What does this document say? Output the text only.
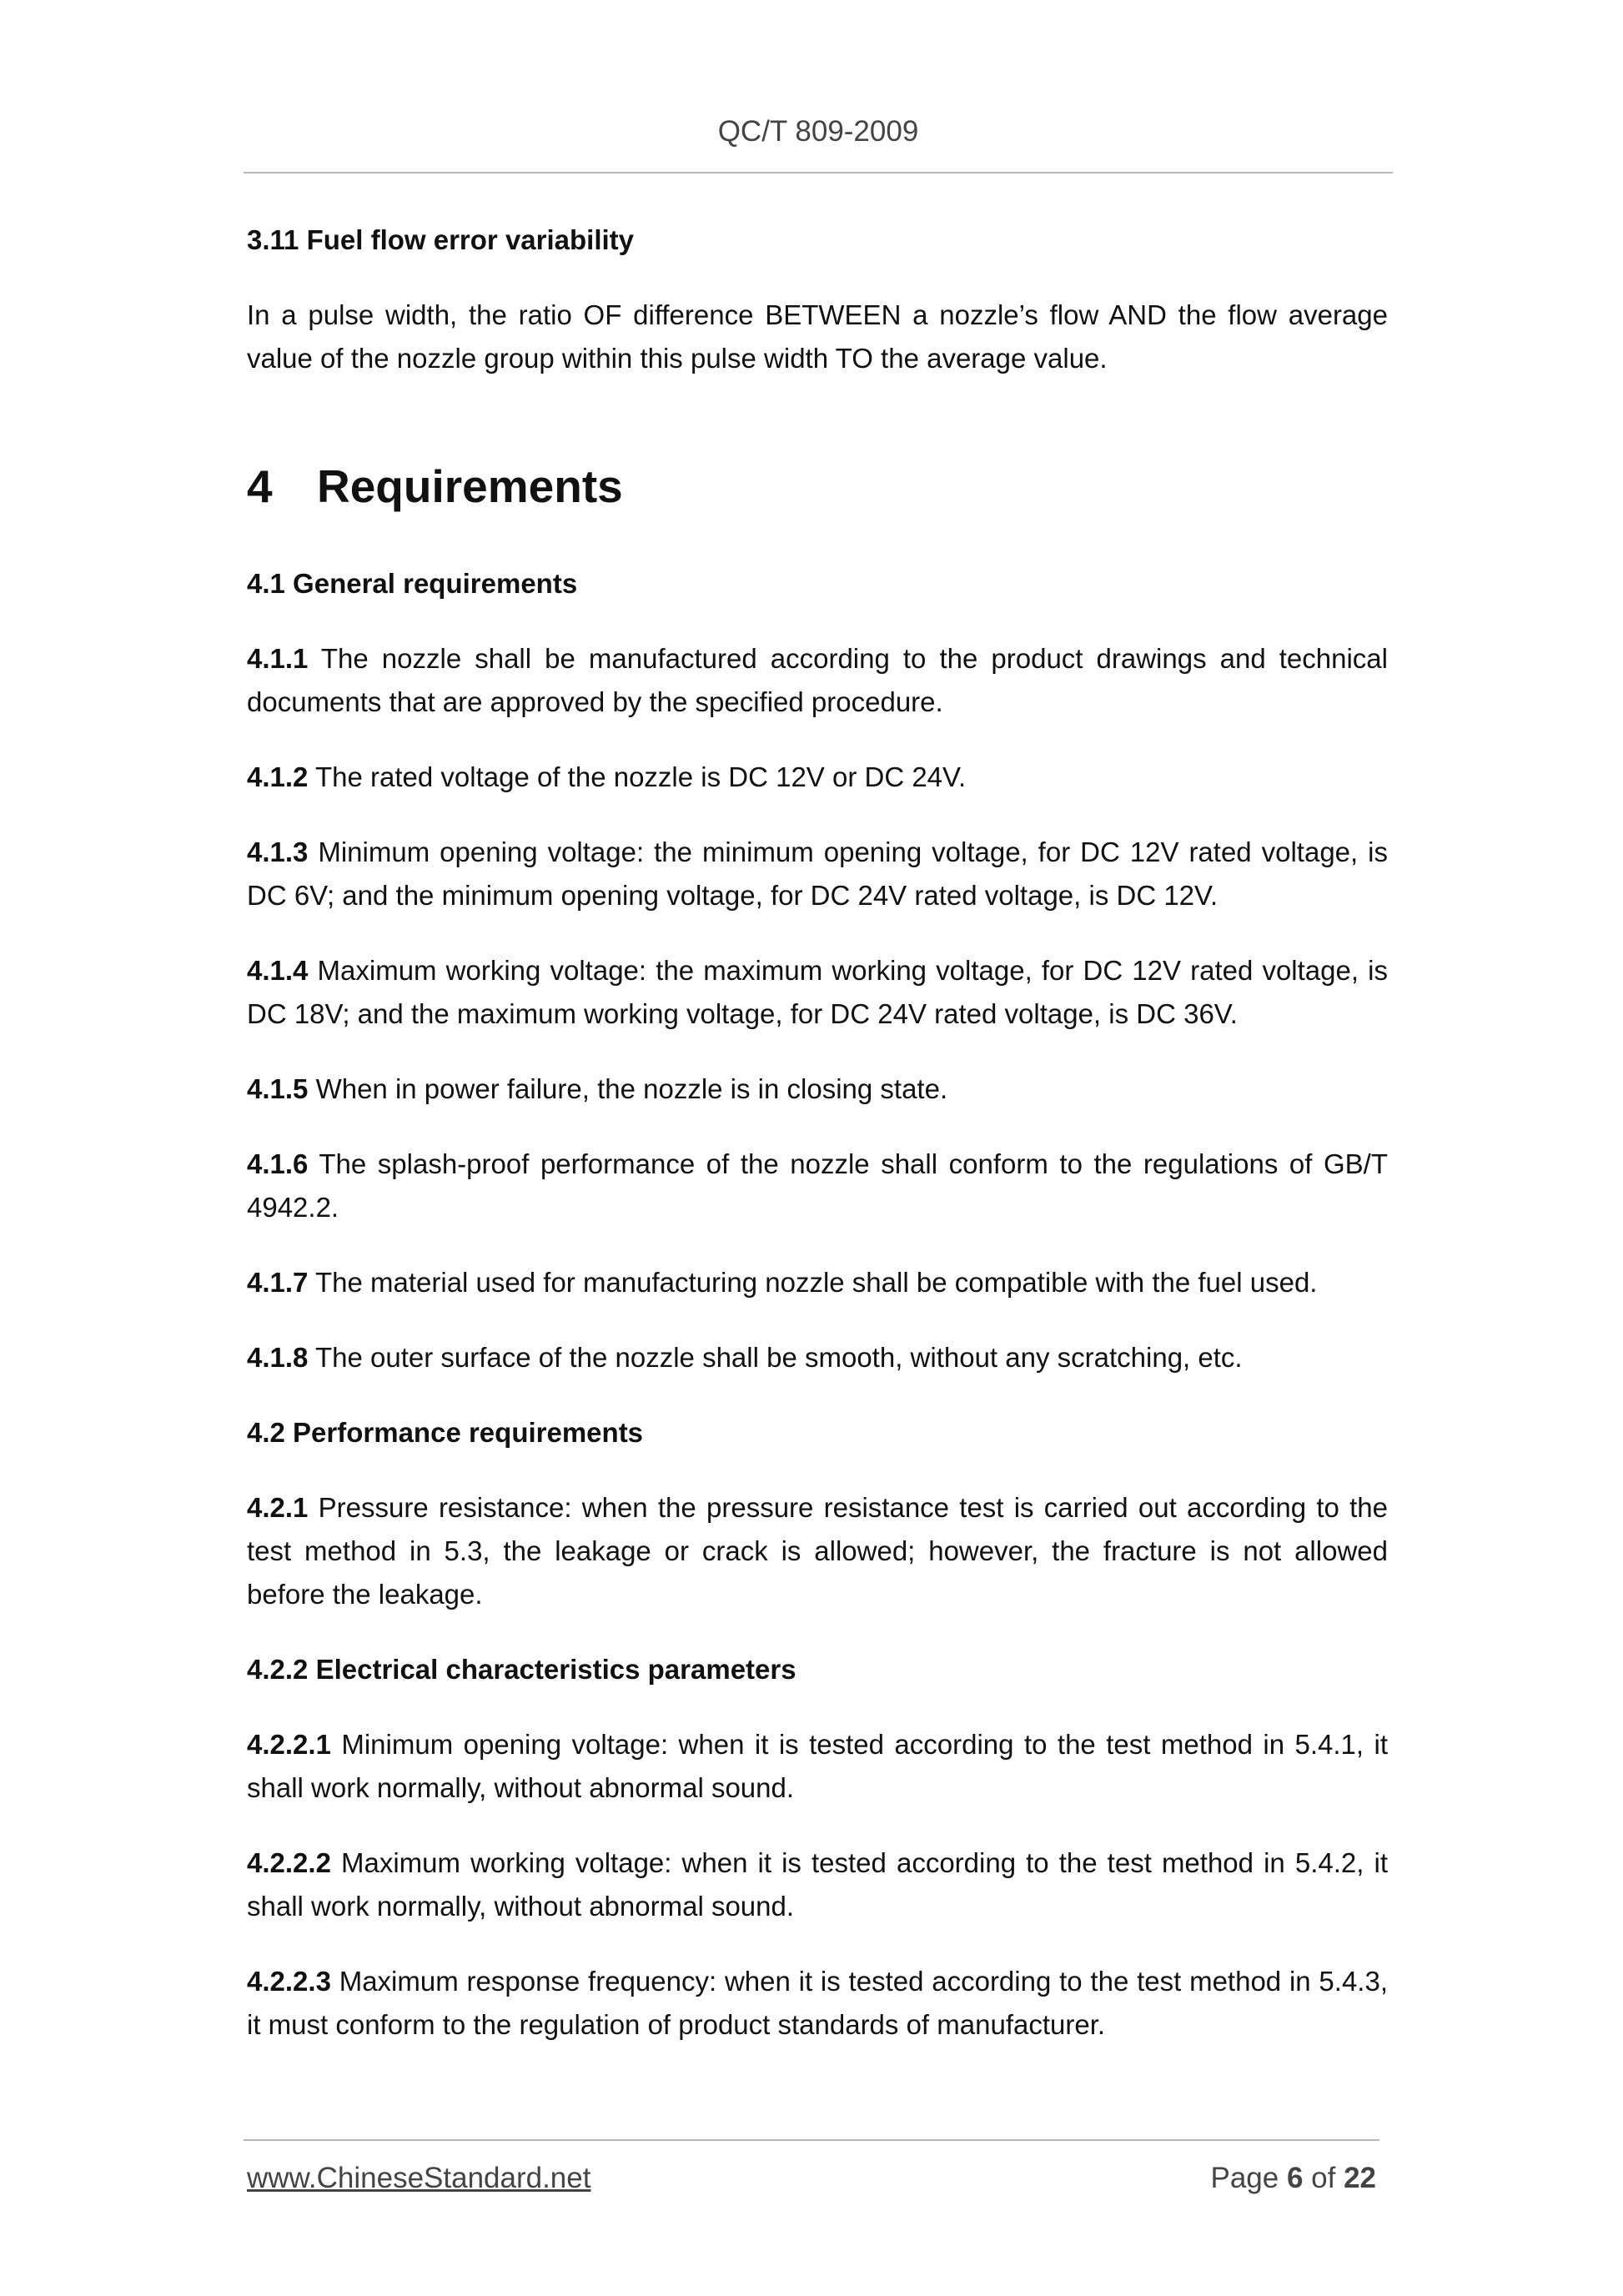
QC/T 809-2009
3.11 Fuel flow error variability
In a pulse width, the ratio OF difference BETWEEN a nozzle’s flow AND the flow average value of the nozzle group within this pulse width TO the average value.
4 Requirements
4.1 General requirements
4.1.1 The nozzle shall be manufactured according to the product drawings and technical documents that are approved by the specified procedure.
4.1.2 The rated voltage of the nozzle is DC 12V or DC 24V.
4.1.3 Minimum opening voltage: the minimum opening voltage, for DC 12V rated voltage, is DC 6V; and the minimum opening voltage, for DC 24V rated voltage, is DC 12V.
4.1.4 Maximum working voltage: the maximum working voltage, for DC 12V rated voltage, is DC 18V; and the maximum working voltage, for DC 24V rated voltage, is DC 36V.
4.1.5 When in power failure, the nozzle is in closing state.
4.1.6 The splash-proof performance of the nozzle shall conform to the regulations of GB/T 4942.2.
4.1.7 The material used for manufacturing nozzle shall be compatible with the fuel used.
4.1.8 The outer surface of the nozzle shall be smooth, without any scratching, etc.
4.2 Performance requirements
4.2.1 Pressure resistance: when the pressure resistance test is carried out according to the test method in 5.3, the leakage or crack is allowed; however, the fracture is not allowed before the leakage.
4.2.2 Electrical characteristics parameters
4.2.2.1 Minimum opening voltage: when it is tested according to the test method in 5.4.1, it shall work normally, without abnormal sound.
4.2.2.2 Maximum working voltage: when it is tested according to the test method in 5.4.2, it shall work normally, without abnormal sound.
4.2.2.3 Maximum response frequency: when it is tested according to the test method in 5.4.3, it must conform to the regulation of product standards of manufacturer.
www.ChineseStandard.net	Page 6 of 22
